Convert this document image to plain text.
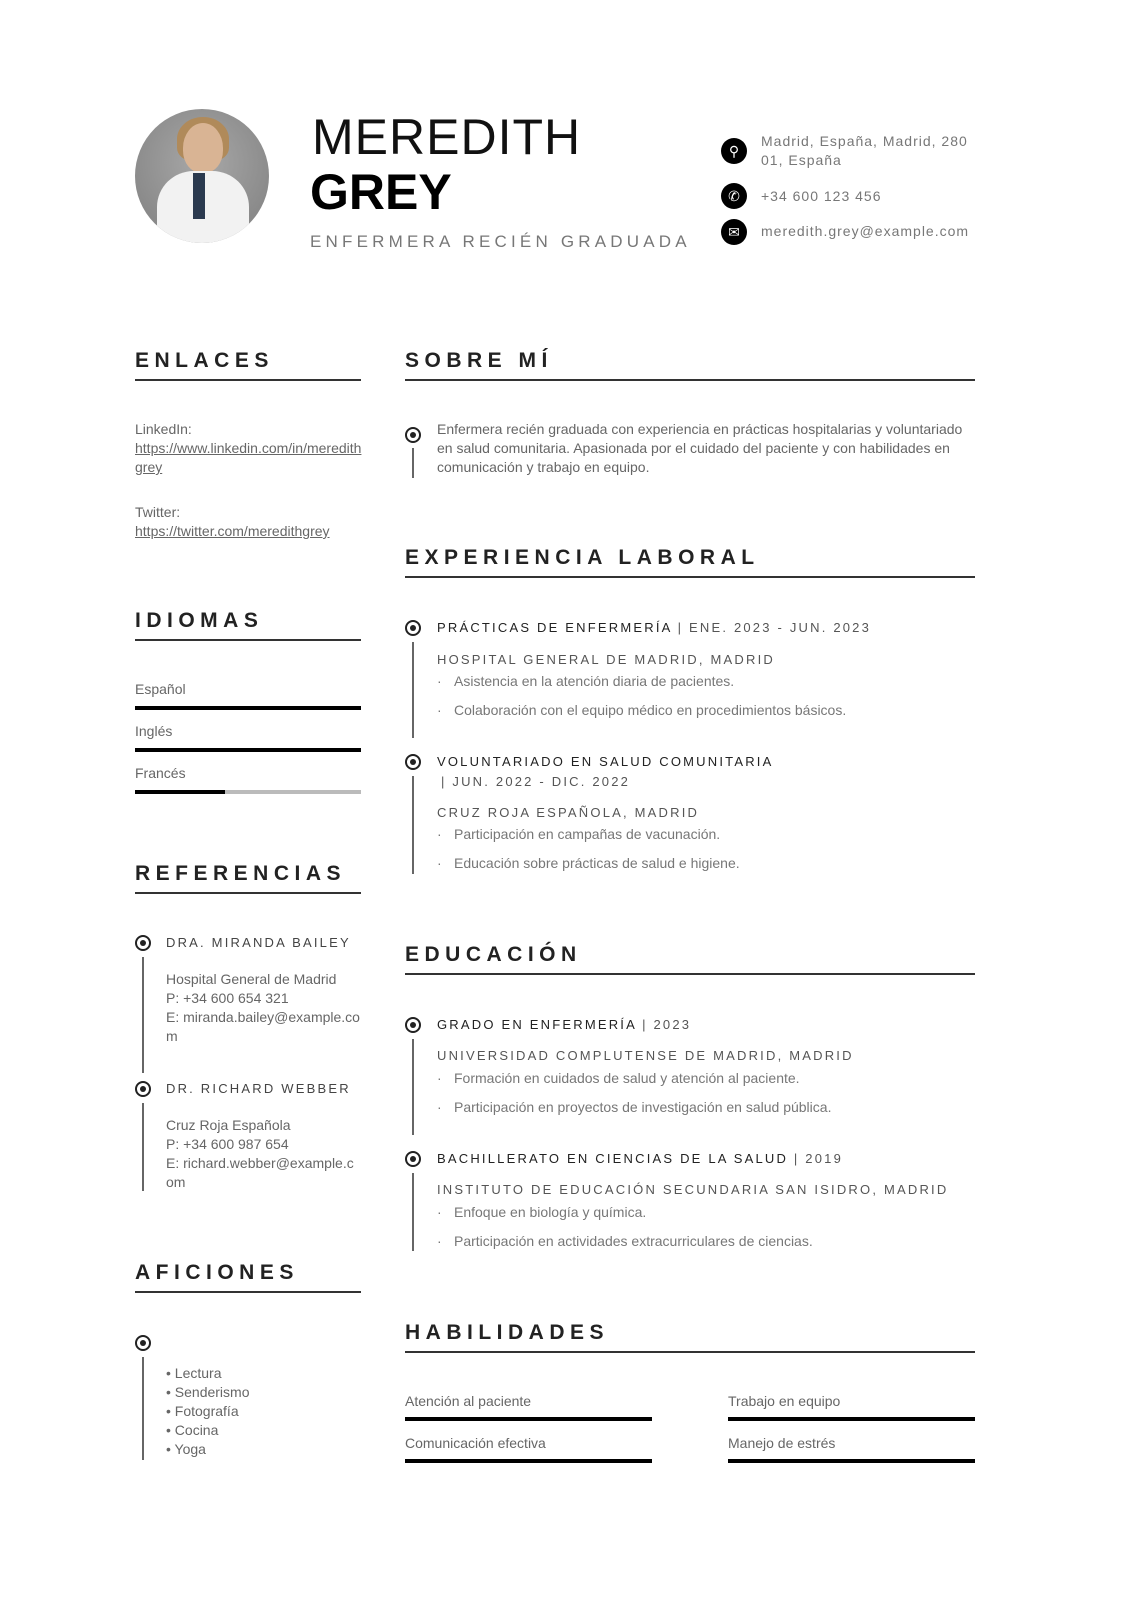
MEREDITH
GREY
ENFERMERA RECIÉN GRADUADA
⚲
Madrid, España, Madrid, 28001, España
✆	+34 600 123 456
✉	meredith.grey@example.com
ENLACES
LinkedIn:
https://www.linkedin.com/in/meredithgrey
Twitter:
https://twitter.com/meredithgrey
IDIOMAS
Español
Inglés
Francés
REFERENCIAS
DRA. MIRANDA BAILEY
Hospital General de Madrid
P: +34 600 654 321
E: miranda.bailey@example.com
DR. RICHARD WEBBER
Cruz Roja Española
P: +34 600 987 654
E: richard.webber@example.com
AFICIONES
• Lectura
• Senderismo
• Fotografía
• Cocina
• Yoga
SOBRE MÍ
Enfermera recién graduada con experiencia en prácticas hospitalarias y voluntariado en salud comunitaria. Apasionada por el cuidado del paciente y con habilidades en comunicación y trabajo en equipo.
EXPERIENCIA LABORAL
PRÁCTICAS DE ENFERMERÍA | ENE. 2023 - JUN. 2023
HOSPITAL GENERAL DE MADRID, MADRID
· Asistencia en la atención diaria de pacientes.
· Colaboración con el equipo médico en procedimientos básicos.
VOLUNTARIADO EN SALUD COMUNITARIA
| JUN. 2022 - DIC. 2022
CRUZ ROJA ESPAÑOLA, MADRID
· Participación en campañas de vacunación.
· Educación sobre prácticas de salud e higiene.
EDUCACIÓN
GRADO EN ENFERMERÍA | 2023
UNIVERSIDAD COMPLUTENSE DE MADRID, MADRID
· Formación en cuidados de salud y atención al paciente.
· Participación en proyectos de investigación en salud pública.
BACHILLERATO EN CIENCIAS DE LA SALUD | 2019
INSTITUTO DE EDUCACIÓN SECUNDARIA SAN ISIDRO, MADRID
· Enfoque en biología y química.
· Participación en actividades extracurriculares de ciencias.
HABILIDADES
Atención al paciente	Trabajo en equipo
Comunicación efectiva	Manejo de estrés
